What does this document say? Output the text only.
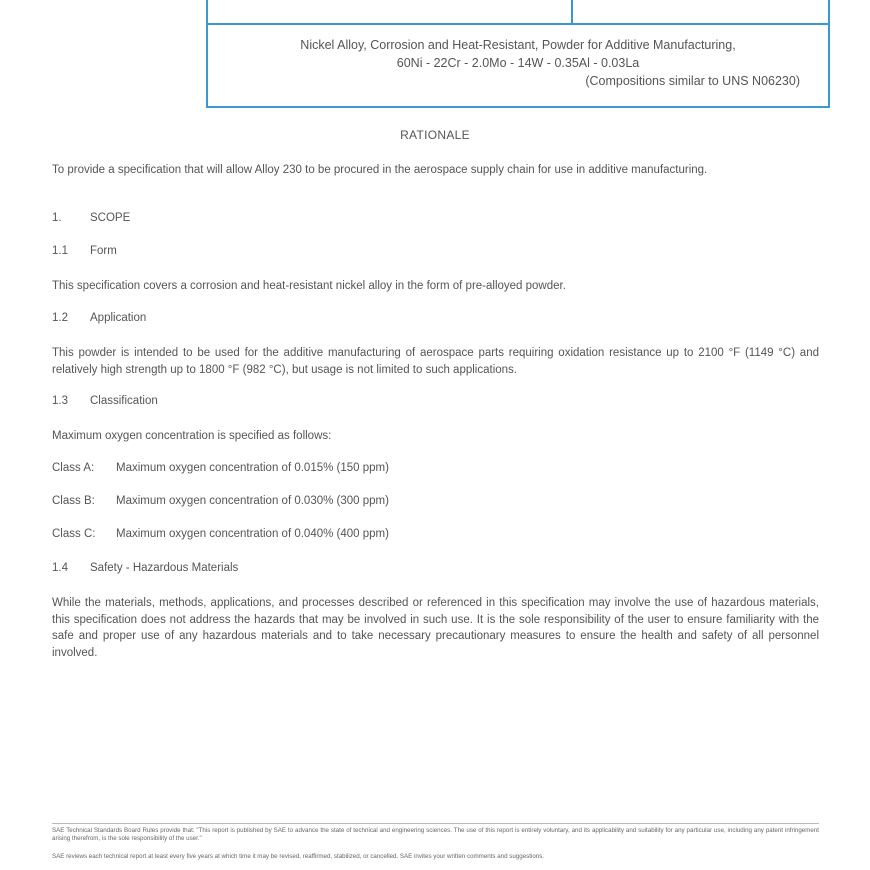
Nickel Alloy, Corrosion and Heat-Resistant, Powder for Additive Manufacturing,
60Ni - 22Cr - 2.0Mo - 14W - 0.35Al - 0.03La
(Compositions similar to UNS N06230)
RATIONALE
To provide a specification that will allow Alloy 230 to be procured in the aerospace supply chain for use in additive manufacturing.
1. SCOPE
1.1 Form
This specification covers a corrosion and heat-resistant nickel alloy in the form of pre-alloyed powder.
1.2 Application
This powder is intended to be used for the additive manufacturing of aerospace parts requiring oxidation resistance up to 2100 °F (1149 °C) and relatively high strength up to 1800 °F (982 °C), but usage is not limited to such applications.
1.3 Classification
Maximum oxygen concentration is specified as follows:
Class A: Maximum oxygen concentration of 0.015% (150 ppm)
Class B: Maximum oxygen concentration of 0.030% (300 ppm)
Class C: Maximum oxygen concentration of 0.040% (400 ppm)
1.4 Safety - Hazardous Materials
While the materials, methods, applications, and processes described or referenced in this specification may involve the use of hazardous materials, this specification does not address the hazards that may be involved in such use. It is the sole responsibility of the user to ensure familiarity with the safe and proper use of any hazardous materials and to take necessary precautionary measures to ensure the health and safety of all personnel involved.
SAE Technical Standards Board Rules provide that: "This report is published by SAE to advance the state of technical and engineering sciences. The use of this report is entirely voluntary, and its applicability and suitability for any particular use, including any patent infringement arising therefrom, is the sole responsibility of the user."
SAE reviews each technical report at least every five years at which time it may be revised, reaffirmed, stabilized, or cancelled. SAE invites your written comments and suggestions.
